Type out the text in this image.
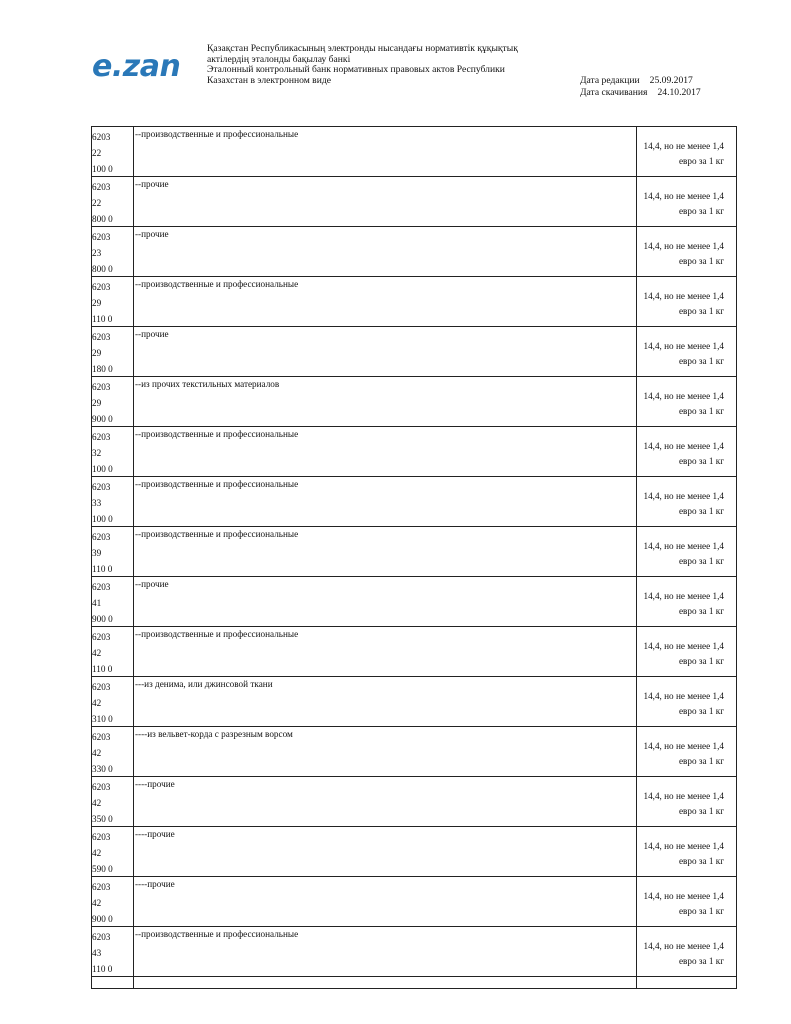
e.zan
Қазақстан Республикасының электронды нысандағы нормативтік құқықтық
актілердің эталонды бақылау банкі
Эталонный контрольный банк нормативных правовых актов Республики
Казахстан в электронном виде	Дата редакции 25.09.2017
Дата скачивания 24.10.2017
6203
22
100 0
--производственные и профессиональные
14,4, но не менее 1,4
евро за 1 кг
6203
22
800 0
--прочие
14,4, но не менее 1,4
евро за 1 кг
6203
23
800 0
--прочие
14,4, но не менее 1,4
евро за 1 кг
6203
29
110 0
--производственные и профессиональные
14,4, но не менее 1,4
евро за 1 кг
6203
29
180 0
--прочие
14,4, но не менее 1,4
евро за 1 кг
6203
29
900 0
--из прочих текстильных материалов
14,4, но не менее 1,4
евро за 1 кг
6203
32
100 0
--производственные и профессиональные
14,4, но не менее 1,4
евро за 1 кг
6203
33
100 0
--производственные и профессиональные
14,4, но не менее 1,4
евро за 1 кг
6203
39
110 0
--производственные и профессиональные
14,4, но не менее 1,4
евро за 1 кг
6203
41
900 0
--прочие
14,4, но не менее 1,4
евро за 1 кг
6203
42
110 0
--производственные и профессиональные
14,4, но не менее 1,4
евро за 1 кг
6203
42
310 0
---из денима, или джинсовой ткани
14,4, но не менее 1,4
евро за 1 кг
6203
42
330 0
----из вельвет-корда с разрезным ворсом
14,4, но не менее 1,4
евро за 1 кг
6203
42
350 0
----прочие
14,4, но не менее 1,4
евро за 1 кг
6203
42
590 0
----прочие
14,4, но не менее 1,4
евро за 1 кг
6203
42
900 0
----прочие
14,4, но не менее 1,4
евро за 1 кг
6203
43
110 0
--производственные и профессиональные
14,4, но не менее 1,4
евро за 1 кг
